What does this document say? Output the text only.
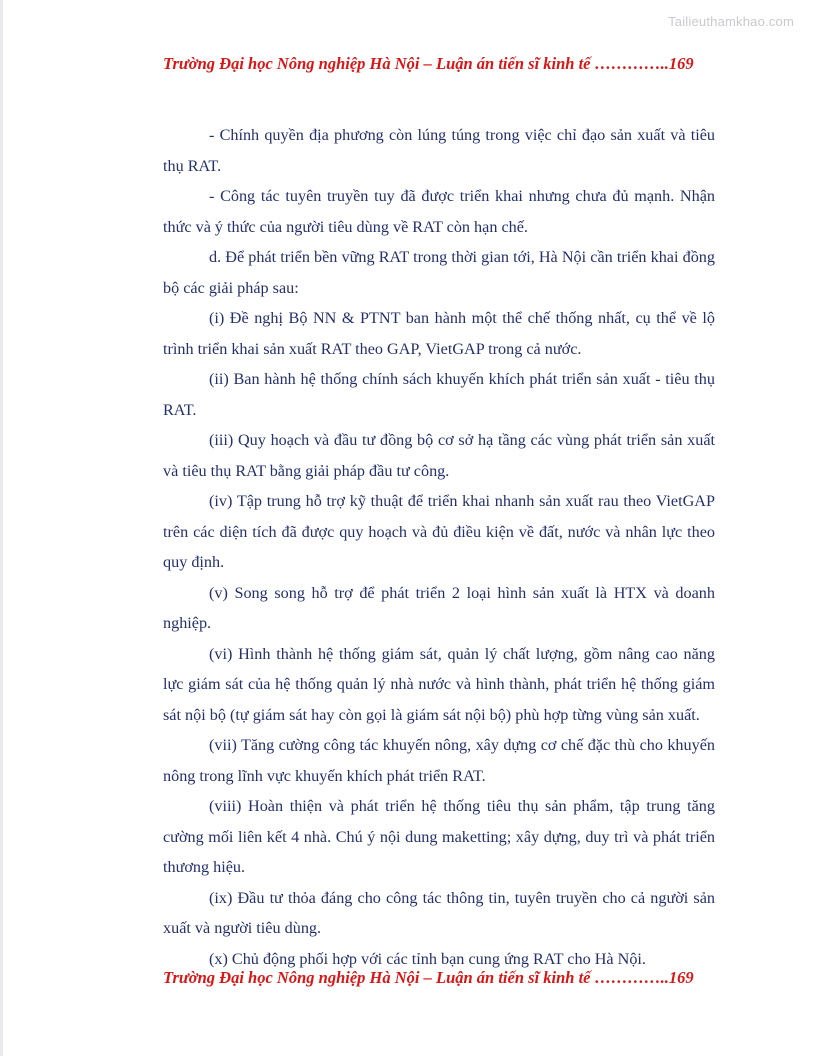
Tailieuthamkhao.com
Trường Đại học Nông nghiệp Hà Nội – Luận án tiến sĩ kinh tế …………..169

- Chính quyền địa phương còn lúng túng trong việc chỉ đạo sản xuất và tiêu thụ RAT.

- Công tác tuyên truyền tuy đã được triển khai nhưng chưa đủ mạnh. Nhận thức và ý thức của người tiêu dùng về RAT còn hạn chế.

d. Để phát triển bền vững RAT trong thời gian tới, Hà Nội cần triển khai đồng bộ các giải pháp sau:

(i) Đề nghị Bộ NN & PTNT ban hành một thể chế thống nhất, cụ thể về lộ trình triển khai sản xuất RAT theo GAP, VietGAP trong cả nước.

(ii) Ban hành hệ thống chính sách khuyến khích phát triển sản xuất - tiêu thụ RAT.

(iii) Quy hoạch và đầu tư đồng bộ cơ sở hạ tầng các vùng phát triển sản xuất và tiêu thụ RAT bằng giải pháp đầu tư công.

(iv) Tập trung hỗ trợ kỹ thuật để triển khai nhanh sản xuất rau theo VietGAP trên các diện tích đã được quy hoạch và đủ điều kiện về đất, nước và nhân lực theo quy định.

(v) Song song hỗ trợ để phát triển 2 loại hình sản xuất là HTX và doanh nghiệp.

(vi) Hình thành hệ thống giám sát, quản lý chất lượng, gồm nâng cao năng lực giám sát của hệ thống quản lý nhà nước và hình thành, phát triển hệ thống giám sát nội bộ (tự giám sát hay còn gọi là giám sát nội bộ) phù hợp từng vùng sản xuất.

(vii) Tăng cường công tác khuyến nông, xây dựng cơ chế đặc thù cho khuyến nông trong lĩnh vực khuyến khích phát triển RAT.

(viii) Hoàn thiện và phát triển hệ thống tiêu thụ sản phẩm, tập trung tăng cường mối liên kết 4 nhà. Chú ý nội dung maketting; xây dựng, duy trì và phát triển thương hiệu.

(ix) Đầu tư thỏa đáng cho công tác thông tin, tuyên truyền cho cả người sản xuất và người tiêu dùng.

(x) Chủ động phối hợp với các tỉnh bạn cung ứng RAT cho Hà Nội.

Trường Đại học Nông nghiệp Hà Nội – Luận án tiến sĩ kinh tế …………..169
